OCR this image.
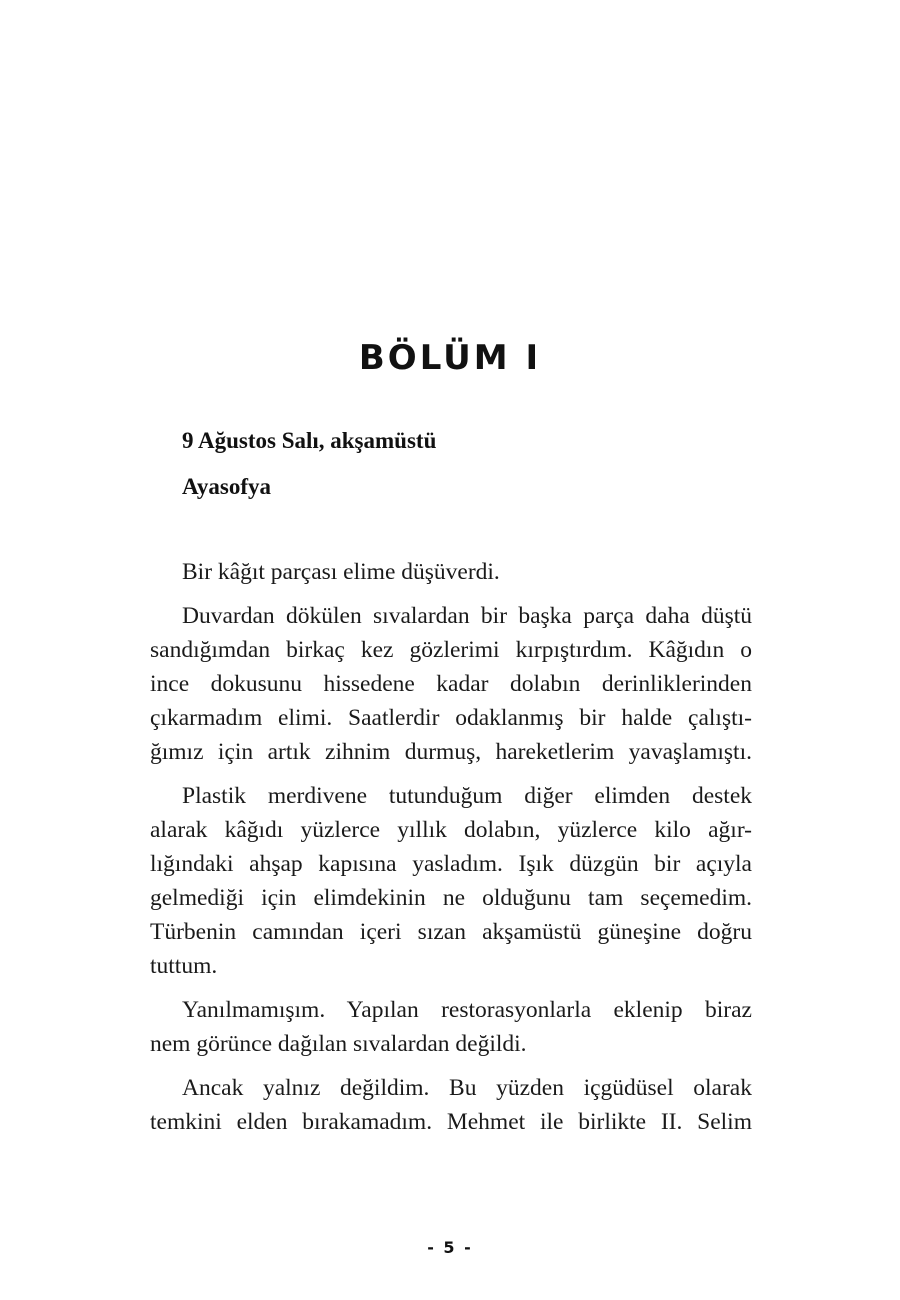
BÖLÜM I
9 Ağustos Salı, akşamüstü
Ayasofya
Bir kâğıt parçası elime düşüverdi.
Duvardan dökülen sıvalardan bir başka parça daha düştü
sandığımdan birkaç kez gözlerimi kırpıştırdım. Kâğıdın o
ince dokusunu hissedene kadar dolabın derinliklerinden
çıkarmadım elimi. Saatlerdir odaklanmış bir halde çalıştı-
ğımız için artık zihnim durmuş, hareketlerim yavaşlamıştı.
Plastik merdivene tutunduğum diğer elimden destek
alarak kâğıdı yüzlerce yıllık dolabın, yüzlerce kilo ağır-
lığındaki ahşap kapısına yasladım. Işık düzgün bir açıyla
gelmediği için elimdekinin ne olduğunu tam seçemedim.
Türbenin camından içeri sızan akşamüstü güneşine doğru
tuttum.
Yanılmamışım. Yapılan restorasyonlarla eklenip biraz
nem görünce dağılan sıvalardan değildi.
Ancak yalnız değildim. Bu yüzden içgüdüsel olarak
temkini elden bırakamadım. Mehmet ile birlikte II. Selim
- 5 -
